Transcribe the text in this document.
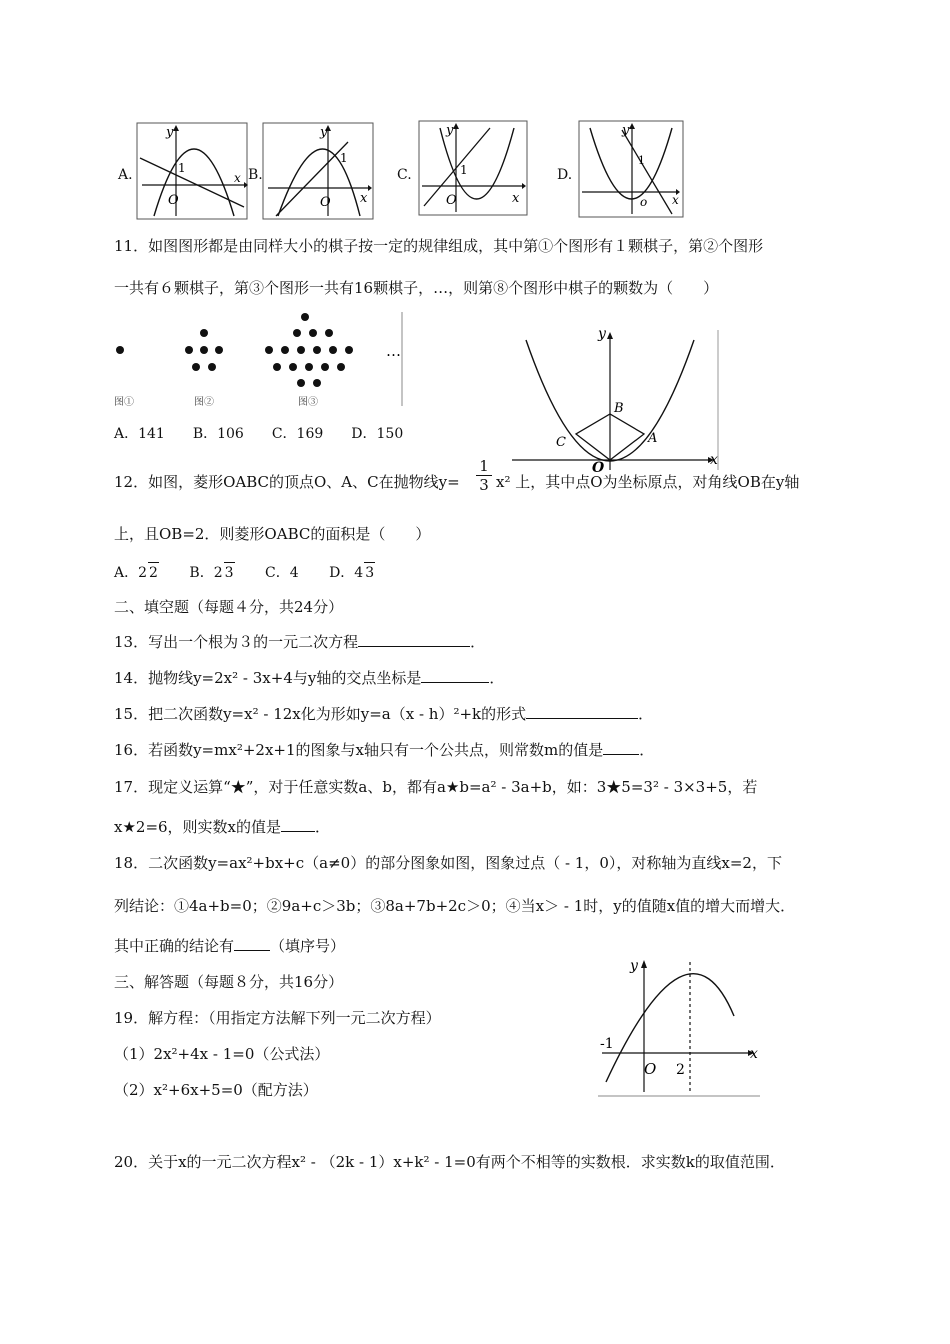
A.
y
x
1
O
B.
y
x
1
O
C.
y
x
1
O
D.
y
x
1
o
11．如图图形都是由同样大小的棋子按一定的规律组成，其中第①个图形有１颗棋子，第②个图形
一共有６颗棋子，第③个图形一共有16颗棋子，…，则第⑧个图形中棋子的颗数为（　　）
…
图①	图②	图③
A．141　　B．106　　C．169　　D．150
y
x
B
C	A
O
12．如图，菱形OABC的顶点O、A、C在抛物线$y= \frac{1}{3} x^2$ 上，其中点O为坐标原点，对角线OB在y轴
上，且OB=2．则菱形OABC的面积是（　　）
A．2 2 B．2 3 C．4 D．4 3
二、填空题（每题４分，共24分）
13．写出一个根为３的一元二次方程	．
14．抛物线y=2x² - 3x+4与y轴的交点坐标是	．
15．把二次函数y=x² - 12x化为形如y=a（x - h）²+k的形式	．
16．若函数y=mx²+2x+1的图象与x轴只有一个公共点，则常数m的值是 ．
17．现定义运算“★”，对于任意实数a、b，都有a★b=a² - 3a+b，如：3★5=3² - 3×3+5，若
x★2=6，则实数x的值是 ．
18．二次函数y=ax²+bx+c（a≠0）的部分图象如图，图象过点（ - 1，0），对称轴为直线x=2，下
列结论：①4a+b=0；②9a+c＞3b；③8a+7b+2c＞0；④当x＞ - 1时，y的值随x值的增大而增大．
其中正确的结论有 （填序号）
y
x
-1
O 2
三、解答题（每题８分，共16分）
19．解方程：（用指定方法解下列一元二次方程）
（1）2x²+4x - 1=0（公式法）
（2）x²+6x+5=0（配方法）
20．关于x的一元二次方程x² - （2k - 1）x+k² - 1=0有两个不相等的实数根．求实数k的取值范围．
